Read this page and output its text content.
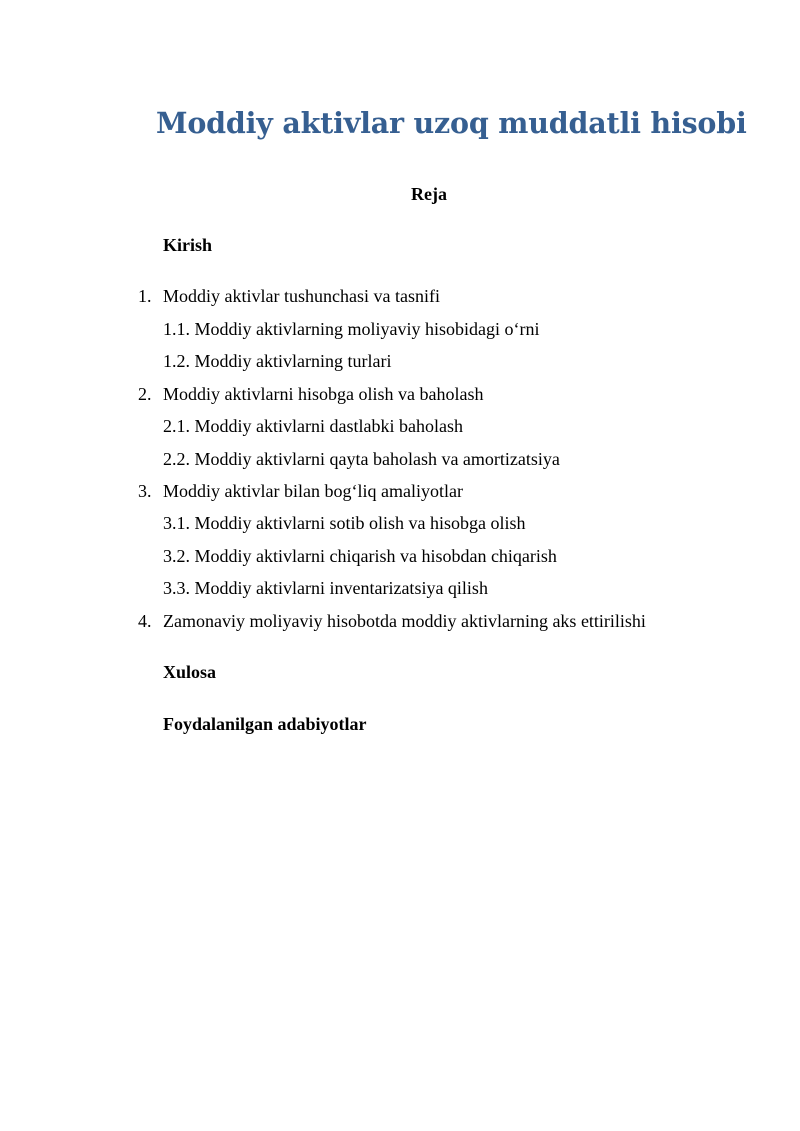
Moddiy aktivlar uzoq muddatli hisobi
Reja
Kirish
1. Moddiy aktivlar tushunchasi va tasnifi
1.1. Moddiy aktivlarning moliyaviy hisobidagi o‘rni
1.2. Moddiy aktivlarning turlari
2. Moddiy aktivlarni hisobga olish va baholash
2.1. Moddiy aktivlarni dastlabki baholash
2.2. Moddiy aktivlarni qayta baholash va amortizatsiya
3. Moddiy aktivlar bilan bog‘liq amaliyotlar
3.1. Moddiy aktivlarni sotib olish va hisobga olish
3.2. Moddiy aktivlarni chiqarish va hisobdan chiqarish
3.3. Moddiy aktivlarni inventarizatsiya qilish
4. Zamonaviy moliyaviy hisobotda moddiy aktivlarning aks ettirilishi
Xulosa
Foydalanilgan adabiyotlar
